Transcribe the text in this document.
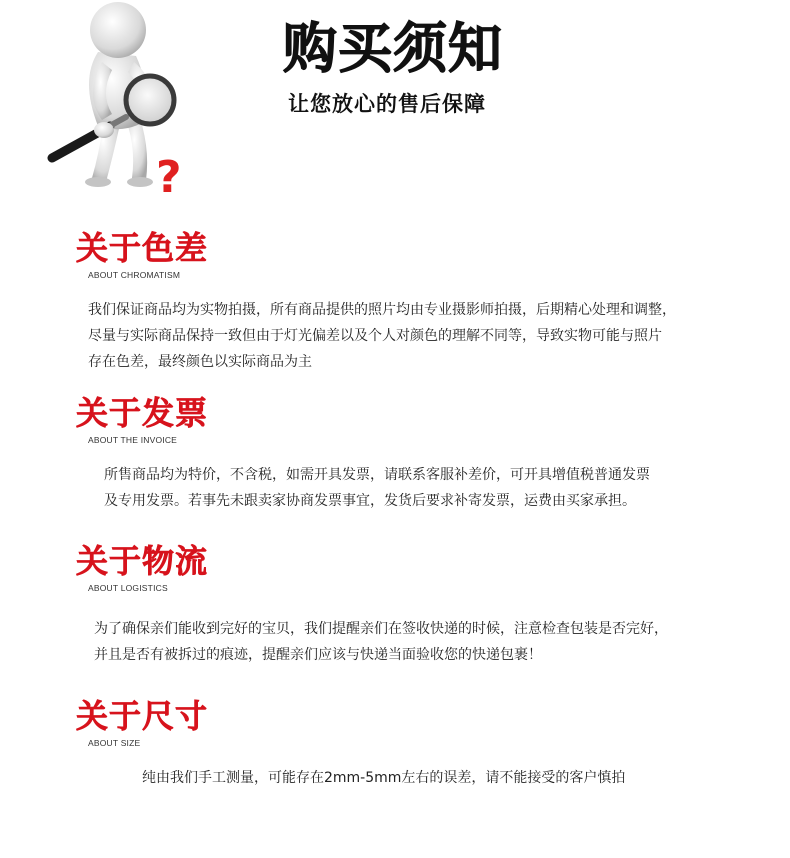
?
购买须知
让您放心的售后保障
关于色差
ABOUT CHROMATISM
我们保证商品均为实物拍摄，所有商品提供的照片均由专业摄影师拍摄，后期精心处理和调整，
尽量与实际商品保持一致但由于灯光偏差以及个人对颜色的理解不同等，导致实物可能与照片
存在色差，最终颜色以实际商品为主
关于发票
ABOUT THE INVOICE
所售商品均为特价，不含税，如需开具发票，请联系客服补差价，可开具增值税普通发票
及专用发票。若事先未跟卖家协商发票事宜，发货后要求补寄发票，运费由买家承担。
关于物流
ABOUT LOGISTICS
为了确保亲们能收到完好的宝贝，我们提醒亲们在签收快递的时候，注意检查包装是否完好，
并且是否有被拆过的痕迹，提醒亲们应该与快递当面验收您的快递包裹！
关于尺寸
ABOUT SIZE
纯由我们手工测量，可能存在2mm-5mm左右的误差，请不能接受的客户慎拍
